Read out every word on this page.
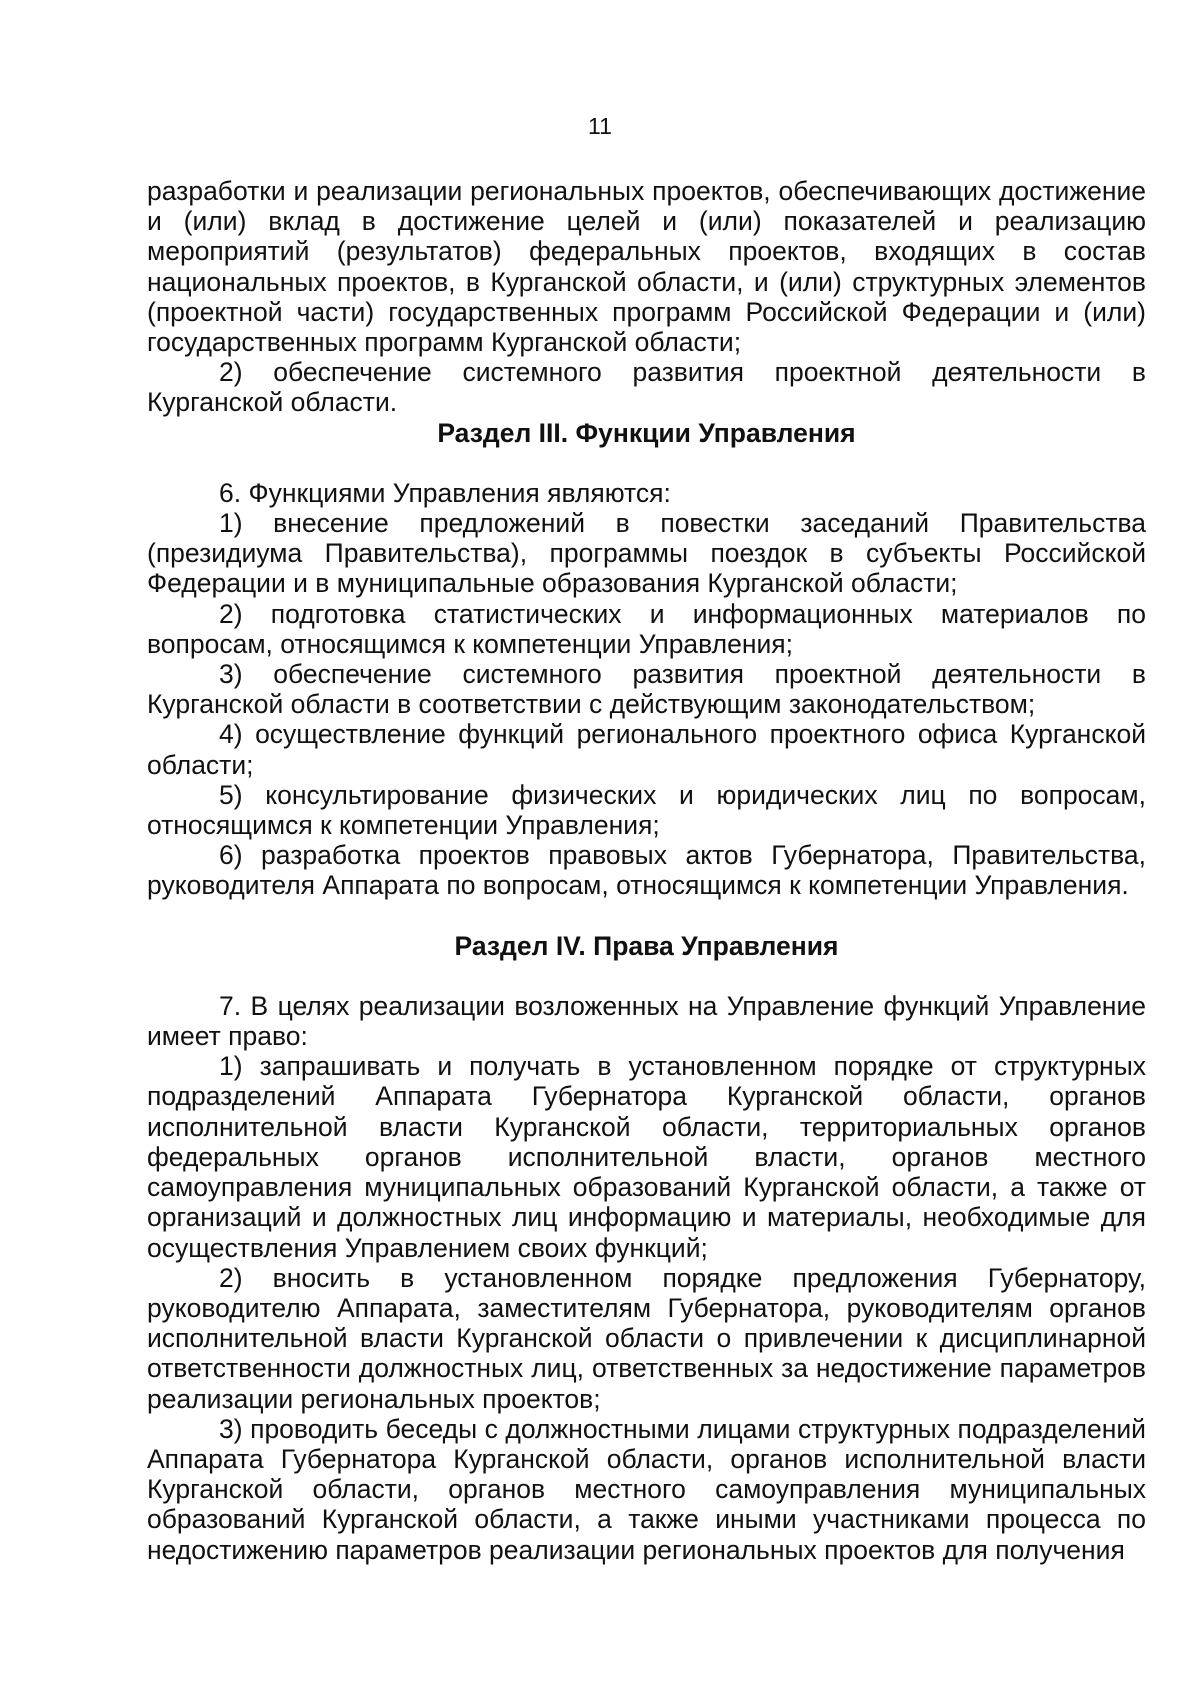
11

разработки и реализации региональных проектов, обеспечивающих достижение и (или) вклад в достижение целей и (или) показателей и реализацию мероприятий (результатов) федеральных проектов, входящих в состав национальных проектов, в Курганской области, и (или) структурных элементов (проектной части) государственных программ Российской Федерации и (или) государственных программ Курганской области;

2) обеспечение системного развития проектной деятельности в Курганской области.

Раздел III. Функции Управления

6. Функциями Управления являются:

1) внесение предложений в повестки заседаний Правительства (президиума Правительства), программы поездок в субъекты Российской Федерации и в муниципальные образования Курганской области;

2) подготовка статистических и информационных материалов по вопросам, относящимся к компетенции Управления;

3) обеспечение системного развития проектной деятельности в Курганской области в соответствии с действующим законодательством;

4) осуществление функций регионального проектного офиса Курганской области;

5) консультирование физических и юридических лиц по вопросам, относящимся к компетенции Управления;

6) разработка проектов правовых актов Губернатора, Правительства, руководителя Аппарата по вопросам, относящимся к компетенции Управления.

Раздел IV. Права Управления

7. В целях реализации возложенных на Управление функций Управление имеет право:

1) запрашивать и получать в установленном порядке от структурных подразделений Аппарата Губернатора Курганской области, органов исполнительной власти Курганской области, территориальных органов федеральных органов исполнительной власти, органов местного самоуправления муниципальных образований Курганской области, а также от организаций и должностных лиц информацию и материалы, необходимые для осуществления Управлением своих функций;

2) вносить в установленном порядке предложения Губернатору, руководителю Аппарата, заместителям Губернатора, руководителям органов исполнительной власти Курганской области о привлечении к дисциплинарной ответственности должностных лиц, ответственных за недостижение параметров реализации региональных проектов;

3) проводить беседы с должностными лицами структурных подразделений Аппарата Губернатора Курганской области, органов исполнительной власти Курганской области, органов местного самоуправления муниципальных образований Курганской области, а также иными участниками процесса по недостижению параметров реализации региональных проектов для получения
